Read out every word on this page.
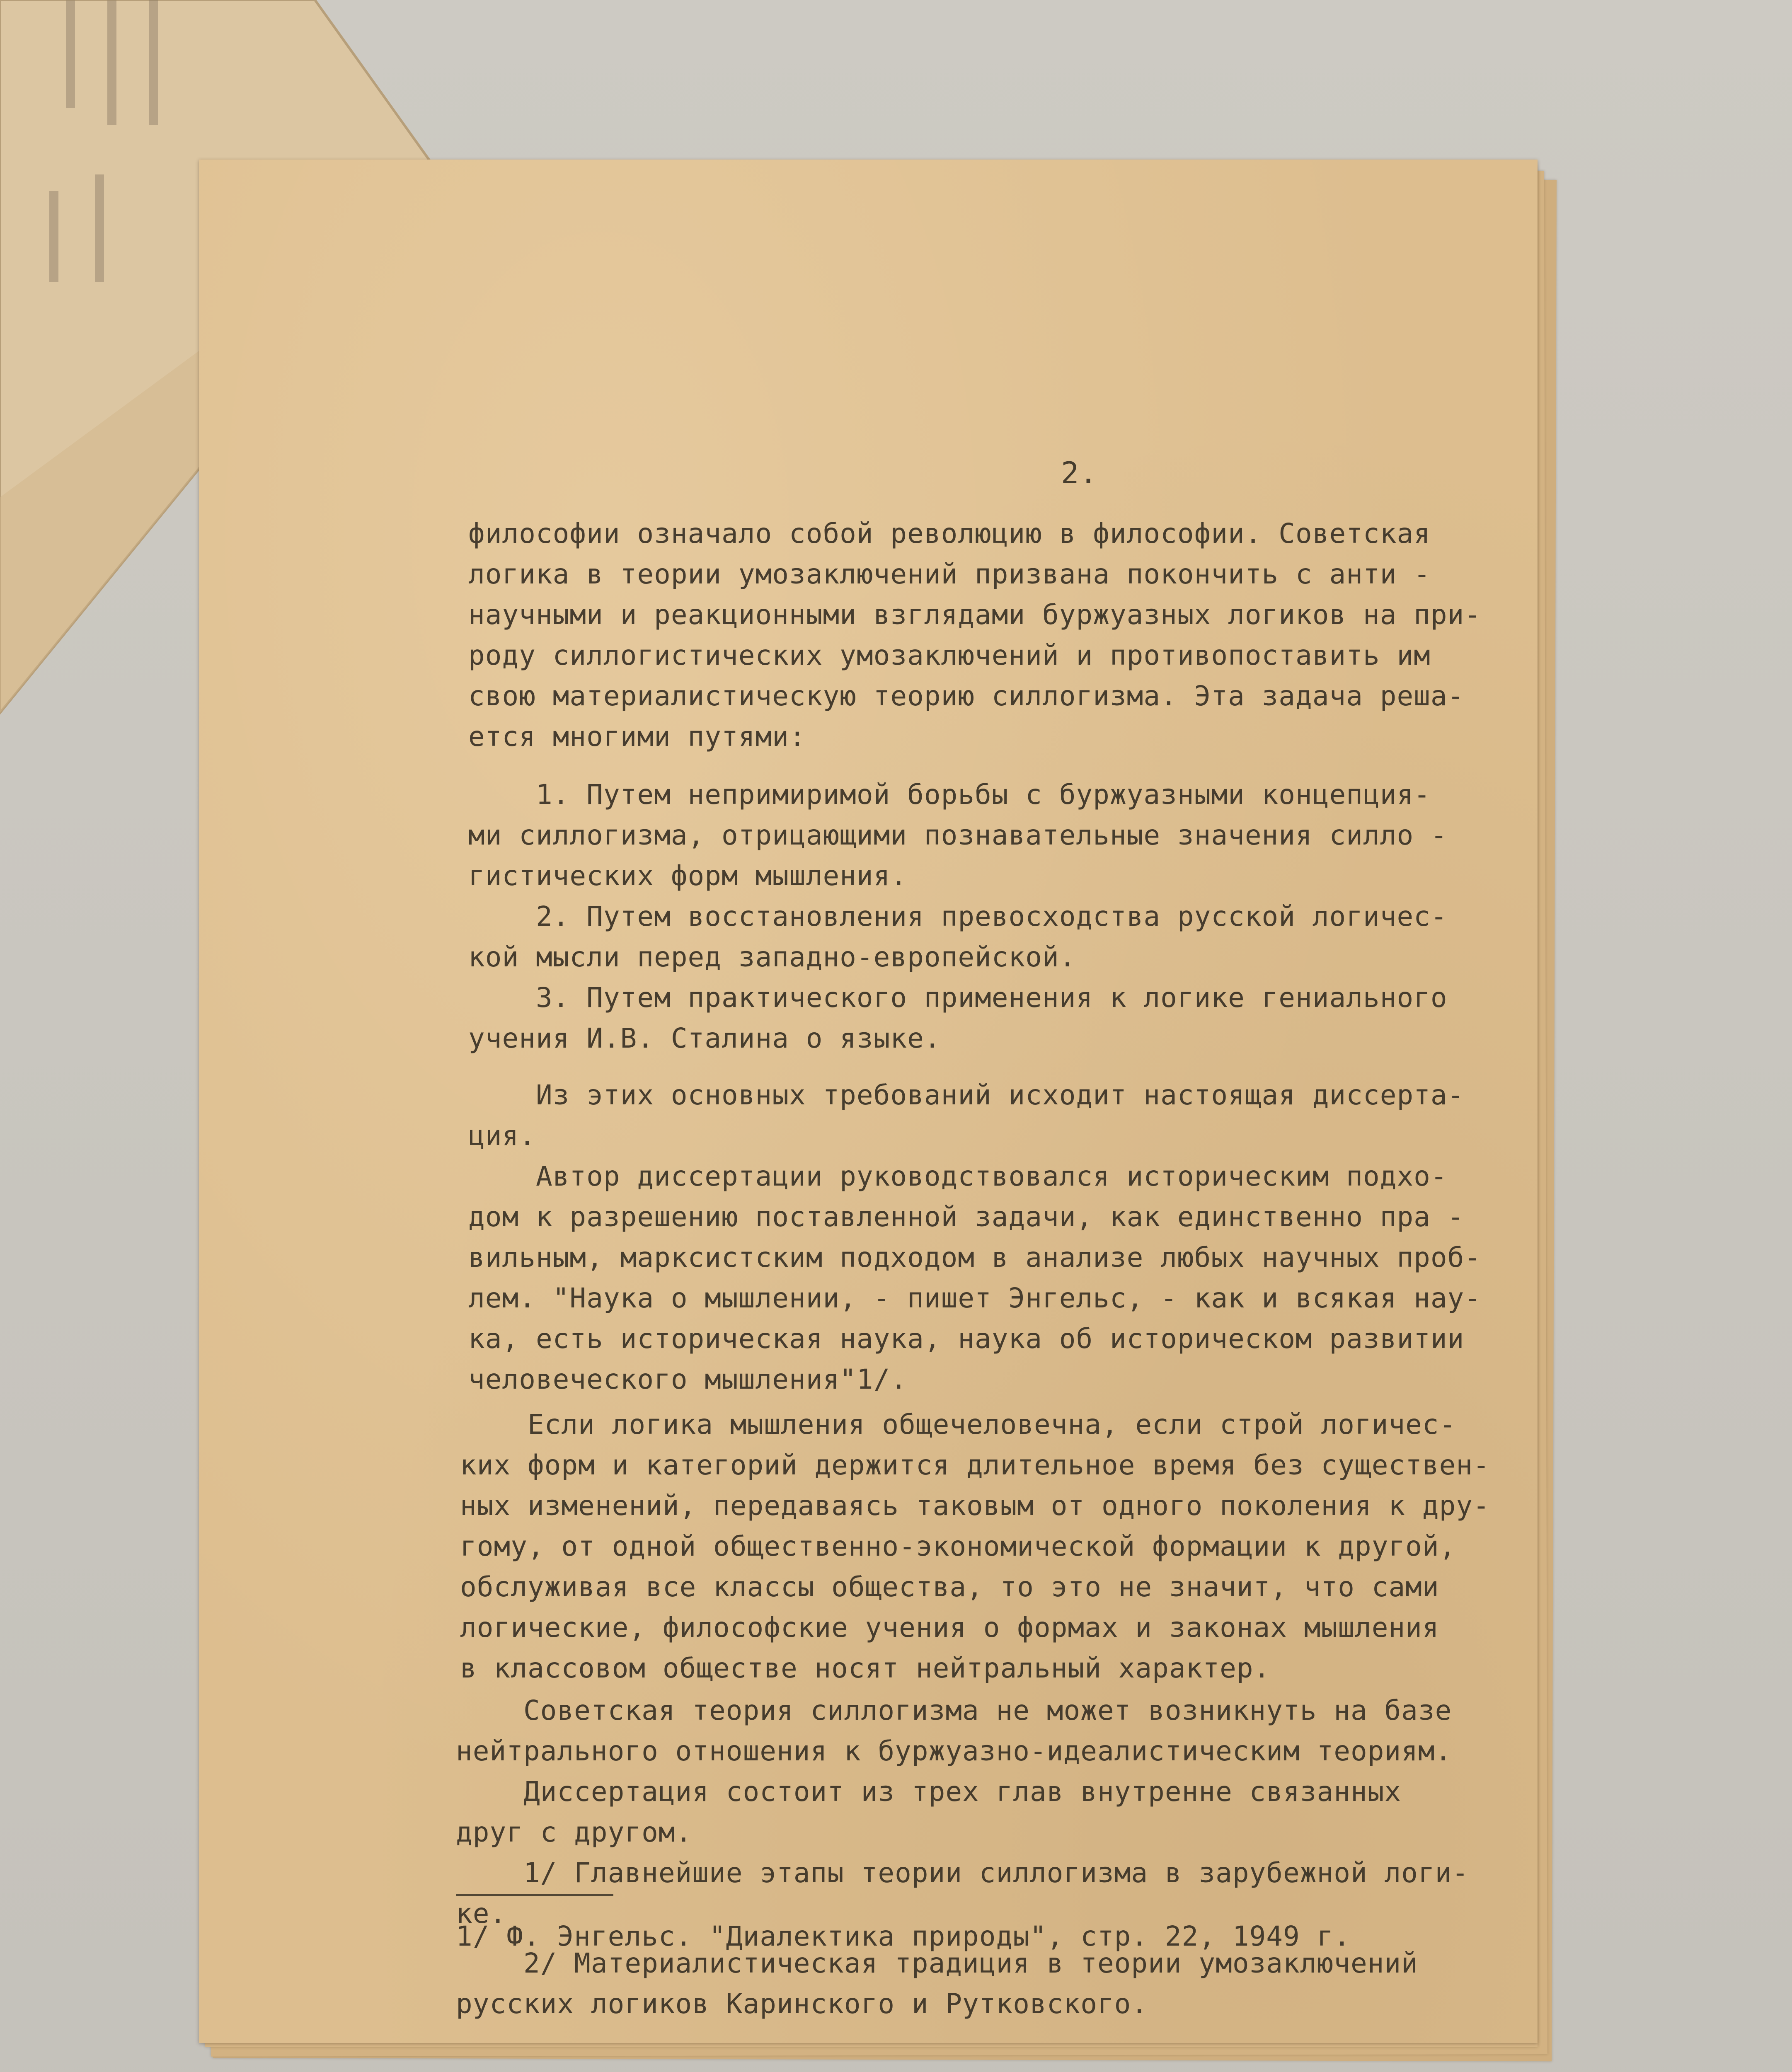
2.
философии означало собой революцию в философии. Советская
логика в теории умозаключений призвана покончить с анти -
научными и реакционными взглядами буржуазных логиков на при-
роду силлогистических умозаключений и противопоставить им
свою материалистическую теорию силлогизма. Эта задача реша-
ется многими путями:
1. Путем непримиримой борьбы с буржуазными концепция-
ми силлогизма, отрицающими познавательные значения силло -
гистических форм мышления.
2. Путем восстановления превосходства русской логичес-
кой мысли перед западно-европейской.
3. Путем практического применения к логике гениального
учения И.В. Сталина о языке.
Из этих основных требований исходит настоящая диссерта-
ция.
Автор диссертации руководствовался историческим подхо-
дом к разрешению поставленной задачи, как единственно пра -
вильным, марксистским подходом в анализе любых научных проб-
лем. "Наука о мышлении, - пишет Энгельс, - как и всякая нау-
ка, есть историческая наука, наука об историческом развитии
человеческого мышления"1/.
Если логика мышления общечеловечна, если строй логичес-
ких форм и категорий держится длительное время без существен-
ных изменений, передаваясь таковым от одного поколения к дру-
гому, от одной общественно-экономической формации к другой,
обслуживая все классы общества, то это не значит, что сами
логические, философские учения о формах и законах мышления
в классовом обществе носят нейтральный характер.
Советская теория силлогизма не может возникнуть на базе
нейтрального отношения к буржуазно-идеалистическим теориям.
Диссертация состоит из трех глав внутренне связанных
друг с другом.
1/ Главнейшие этапы теории силлогизма в зарубежной логи-
ке.
2/ Материалистическая традиция в теории умозаключений
русских логиков Каринского и Рутковского.
1/ Ф. Энгельс. "Диалектика природы", стр. 22, 1949 г.
